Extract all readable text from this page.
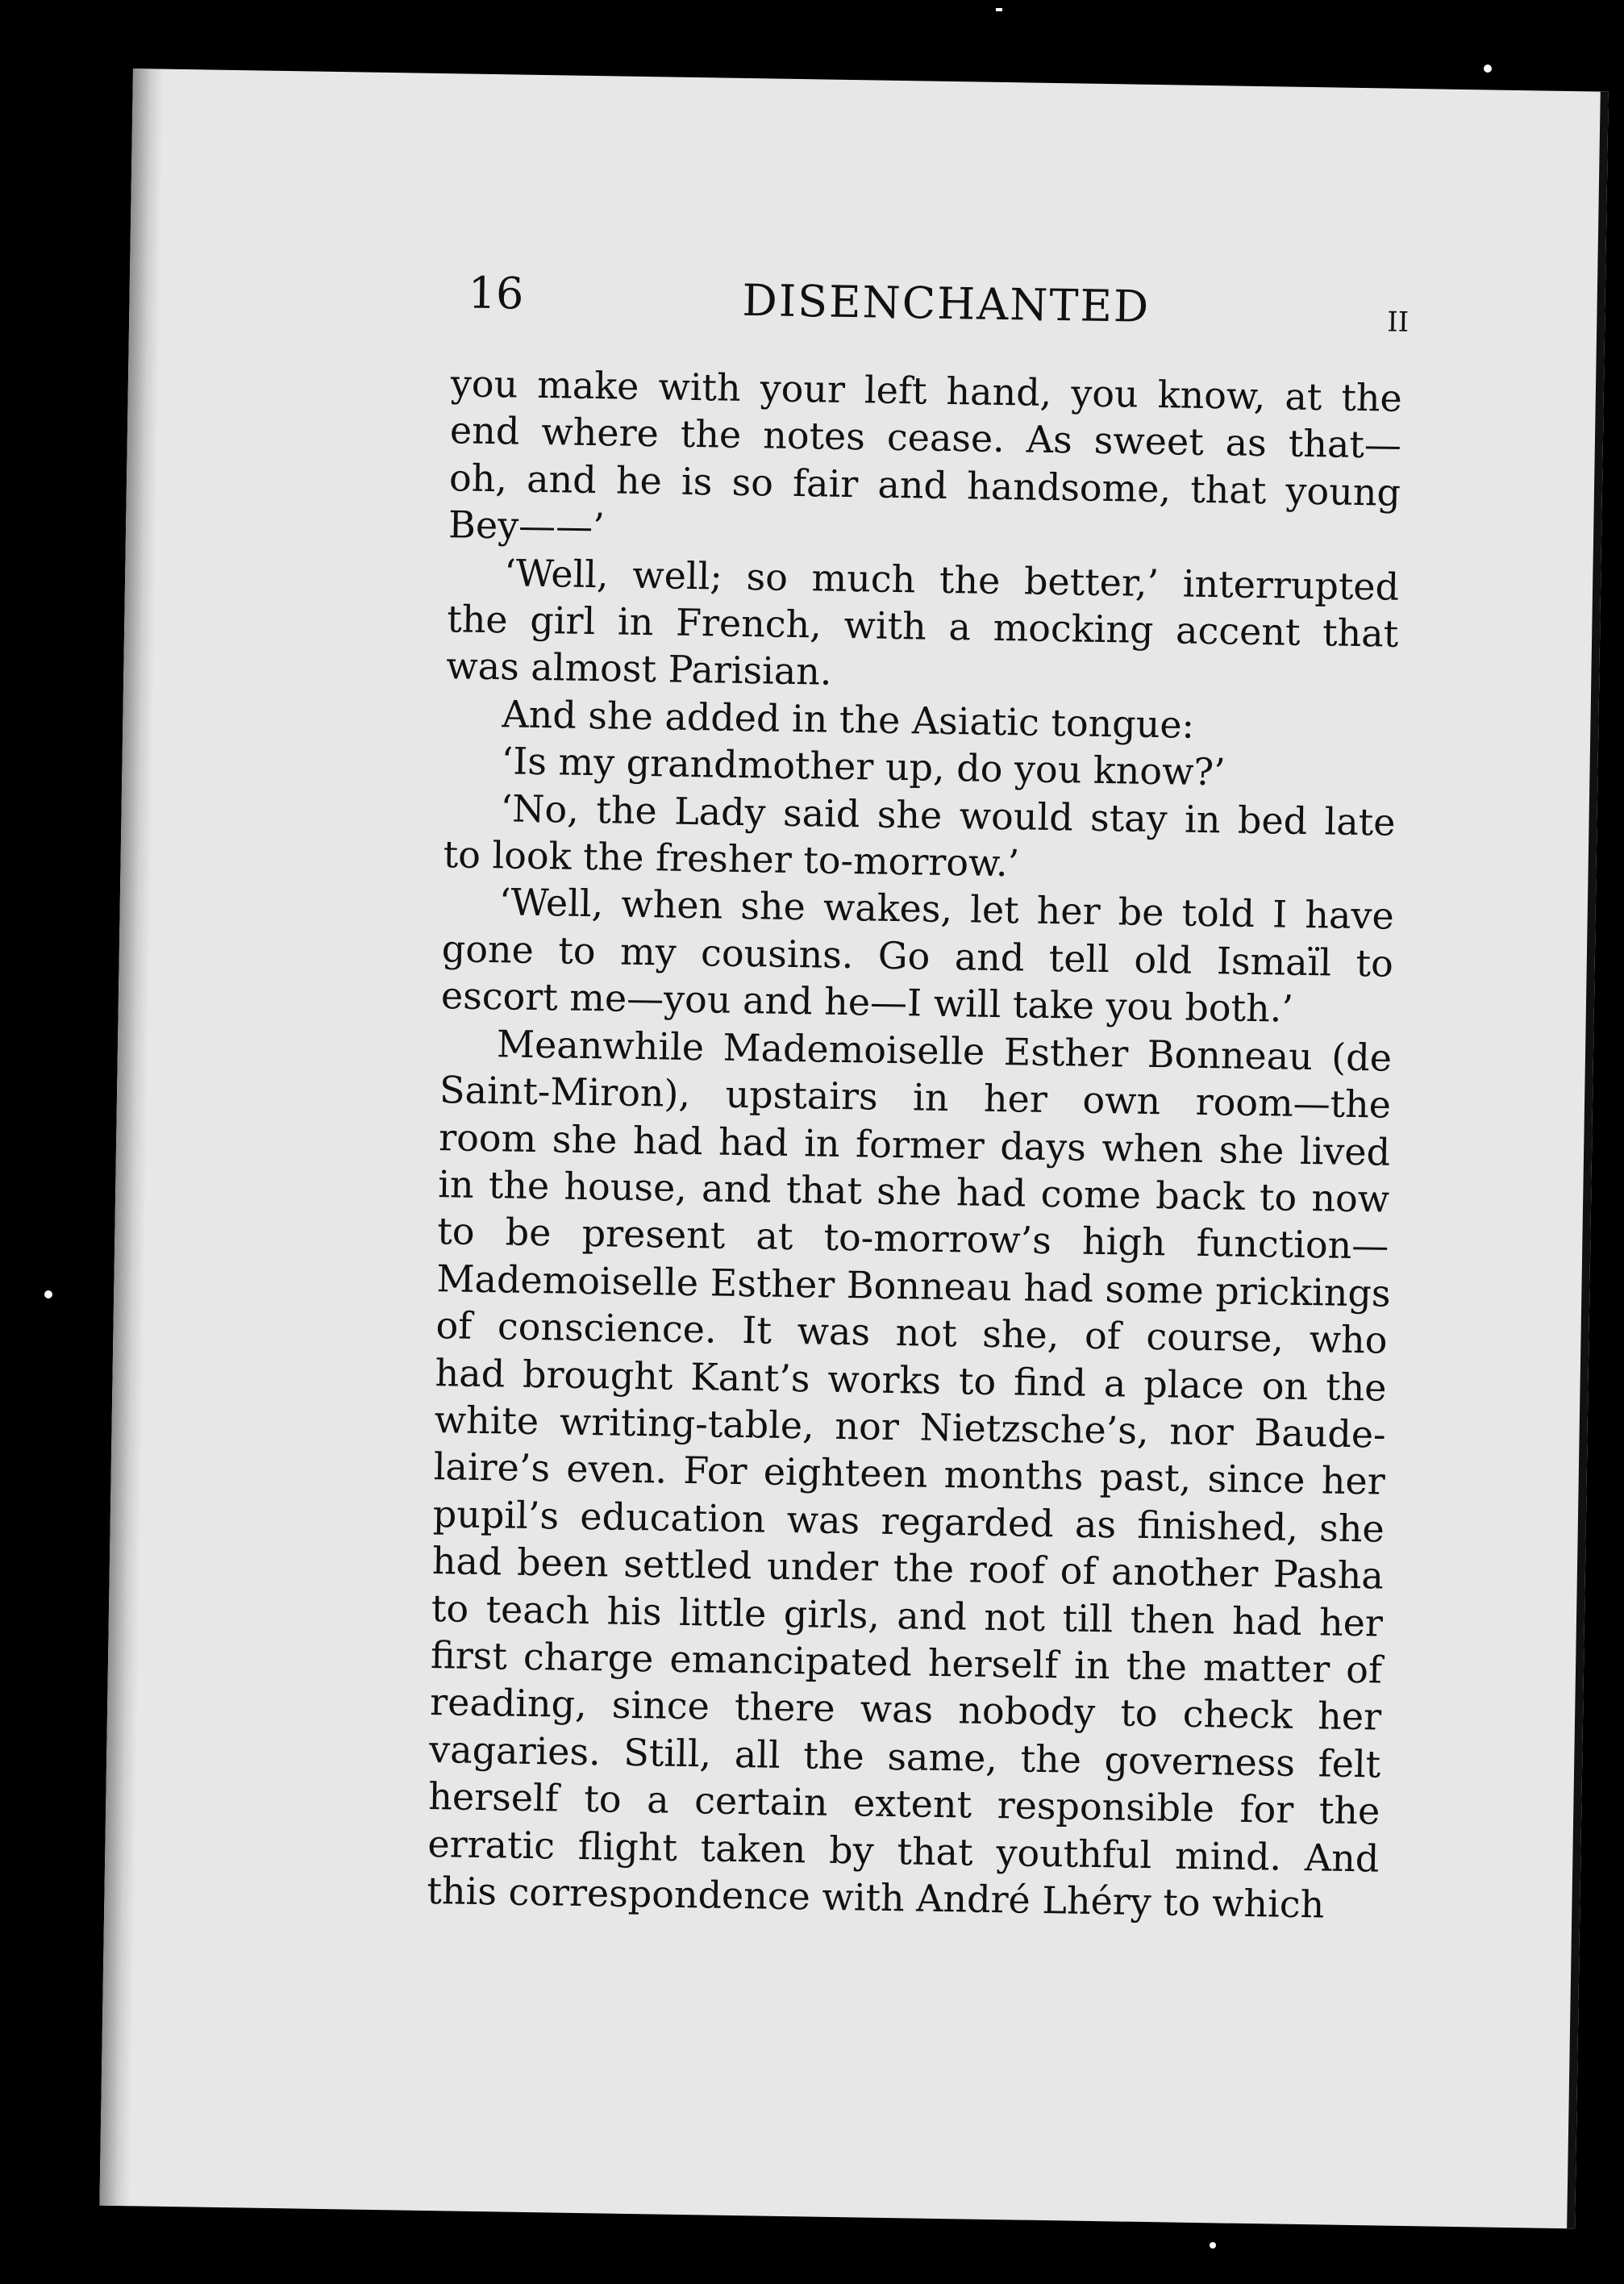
16	DISENCHANTED	II
you make with your left hand, you know, at the
end where the notes cease. As sweet as that—
oh, and he is so fair and handsome, that young
Bey——’
‘Well, well; so much the better,’ interrupted
the girl in French, with a mocking accent that
was almost Parisian.
And she added in the Asiatic tongue:
‘Is my grandmother up, do you know?’
‘No, the Lady said she would stay in bed late
to look the fresher to-morrow.’
‘Well, when she wakes, let her be told I have
gone to my cousins. Go and tell old Ismaïl to
escort me—you and he—I will take you both.’
Meanwhile Mademoiselle Esther Bonneau (de
Saint-Miron), upstairs in her own room—the
room she had had in former days when she lived
in the house, and that she had come back to now
to be present at to-morrow’s high function—
Mademoiselle Esther Bonneau had some prickings
of conscience. It was not she, of course, who
had brought Kant’s works to find a place on the
white writing-table, nor Nietzsche’s, nor Baude-
laire’s even. For eighteen months past, since her
pupil’s education was regarded as finished, she
had been settled under the roof of another Pasha
to teach his little girls, and not till then had her
first charge emancipated herself in the matter of
reading, since there was nobody to check her
vagaries. Still, all the same, the governess felt
herself to a certain extent responsible for the
erratic flight taken by that youthful mind. And
this correspondence with André Lhéry to which
